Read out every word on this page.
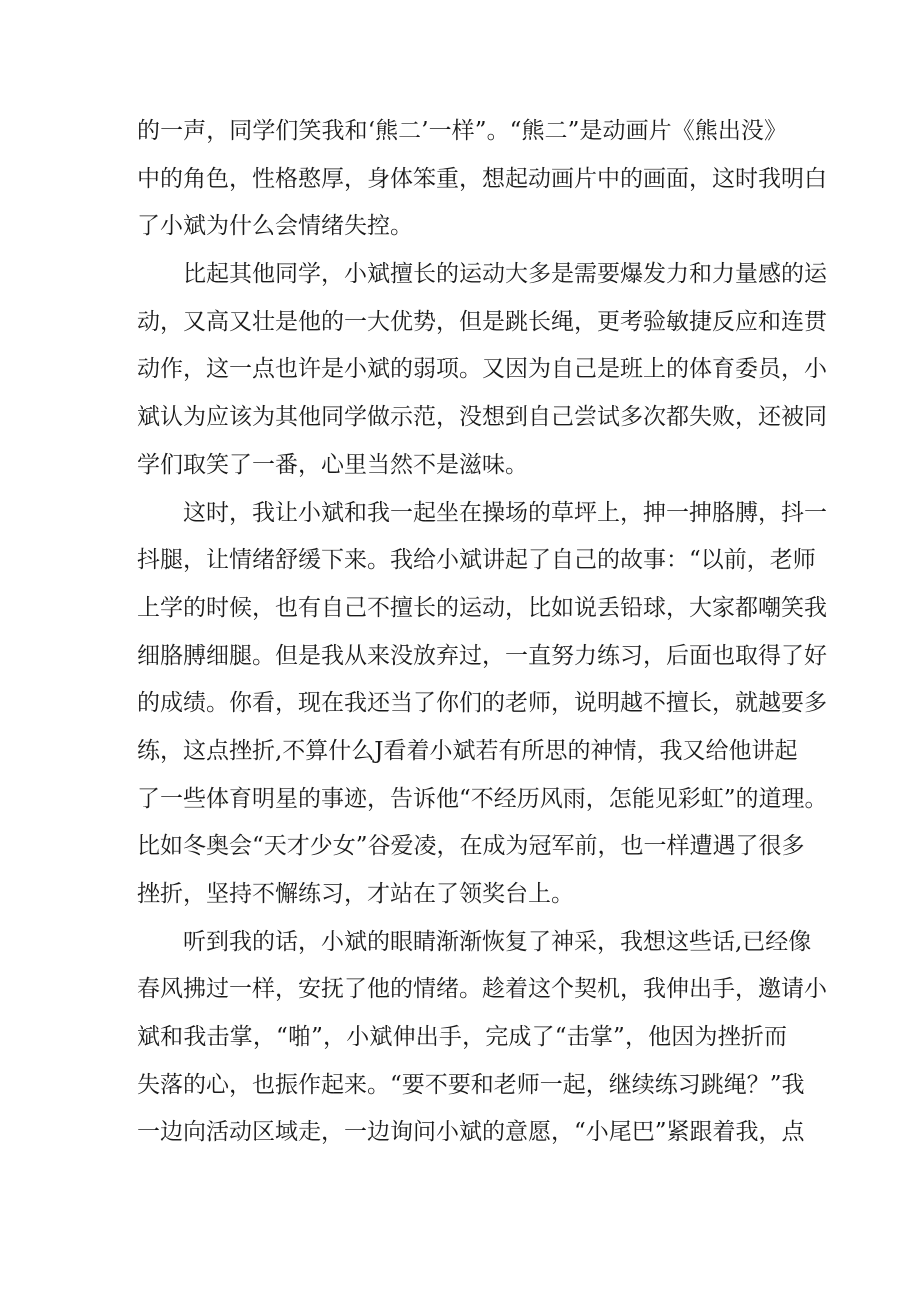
的一声，同学们笑我和‘熊二’一样”。“熊二”是动画片《熊出没》
中的角色，性格憨厚，身体笨重，想起动画片中的画面，这时我明白
了小斌为什么会情绪失控。
比起其他同学，小斌擅长的运动大多是需要爆发力和力量感的运
动，又高又壮是他的一大优势，但是跳长绳，更考验敏捷反应和连贯
动作，这一点也许是小斌的弱项。又因为自己是班上的体育委员，小
斌认为应该为其他同学做示范，没想到自己尝试多次都失败，还被同
学们取笑了一番，心里当然不是滋味。
这时，我让小斌和我一起坐在操场的草坪上，抻一抻胳膊，抖一
抖腿，让情绪舒缓下来。我给小斌讲起了自己的故事：“以前，老师
上学的时候，也有自己不擅长的运动，比如说丢铅球，大家都嘲笑我
细胳膊细腿。但是我从来没放弃过，一直努力练习，后面也取得了好
的成绩。你看，现在我还当了你们的老师，说明越不擅长，就越要多
练，这点挫折,不算什么J看着小斌若有所思的神情，我又给他讲起
了一些体育明星的事迹，告诉他“不经历风雨，怎能见彩虹”的道理。
比如冬奥会“天才少女”谷爱凌，在成为冠军前，也一样遭遇了很多
挫折，坚持不懈练习，才站在了领奖台上。
听到我的话，小斌的眼睛渐渐恢复了神采，我想这些话,已经像
春风拂过一样，安抚了他的情绪。趁着这个契机，我伸出手，邀请小
斌和我击掌，“啪”，小斌伸出手，完成了“击掌”，他因为挫折而
失落的心，也振作起来。“要不要和老师一起，继续练习跳绳？”我
一边向活动区域走，一边询问小斌的意愿，“小尾巴”紧跟着我，点
